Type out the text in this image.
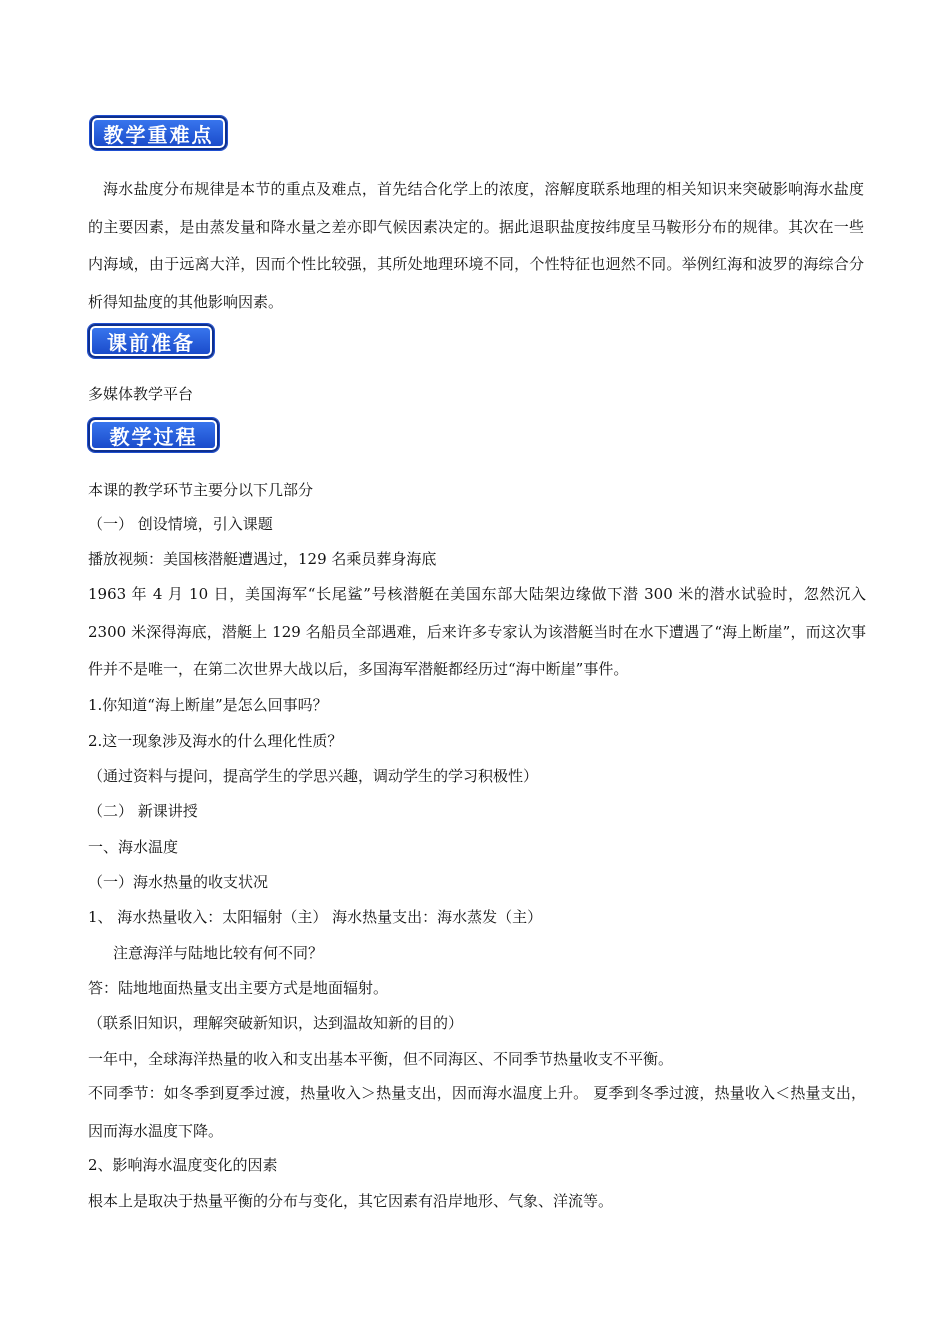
教学重难点
海水盐度分布规律是本节的重点及难点，首先结合化学上的浓度，溶解度联系地理的相关知识来突破影响海水盐度的主要因素，是由蒸发量和降水量之差亦即气候因素决定的。据此退职盐度按纬度呈马鞍形分布的规律。其次在一些内海域，由于远离大洋，因而个性比较强，其所处地理环境不同，个性特征也迥然不同。举例红海和波罗的海综合分析得知盐度的其他影响因素。
课前准备
多媒体教学平台
教学过程
本课的教学环节主要分以下几部分
（一） 创设情境，引入课题
播放视频：美国核潜艇遭遇过，129 名乘员葬身海底
1963 年 4 月 10 日，美国海军“长尾鲨”号核潜艇在美国东部大陆架边缘做下潜 300 米的潜水试验时，忽然沉入 2300 米深得海底，潜艇上 129 名船员全部遇难，后来许多专家认为该潜艇当时在水下遭遇了“海上断崖”，而这次事件并不是唯一，在第二次世界大战以后，多国海军潜艇都经历过“海中断崖”事件。
1.你知道“海上断崖”是怎么回事吗？
2.这一现象涉及海水的什么理化性质？
（通过资料与提问，提高学生的学思兴趣，调动学生的学习积极性）
（二） 新课讲授
一、海水温度
（一）海水热量的收支状况
1、 海水热量收入：太阳辐射（主） 海水热量支出：海水蒸发（主）
注意海洋与陆地比较有何不同？
答：陆地地面热量支出主要方式是地面辐射。
（联系旧知识，理解突破新知识，达到温故知新的目的）
一年中，全球海洋热量的收入和支出基本平衡，但不同海区、不同季节热量收支不平衡。
不同季节：如冬季到夏季过渡，热量收入＞热量支出，因而海水温度上升。 夏季到冬季过渡，热量收入＜热量支出，因而海水温度下降。
2、影响海水温度变化的因素
根本上是取决于热量平衡的分布与变化，其它因素有沿岸地形、气象、洋流等。
